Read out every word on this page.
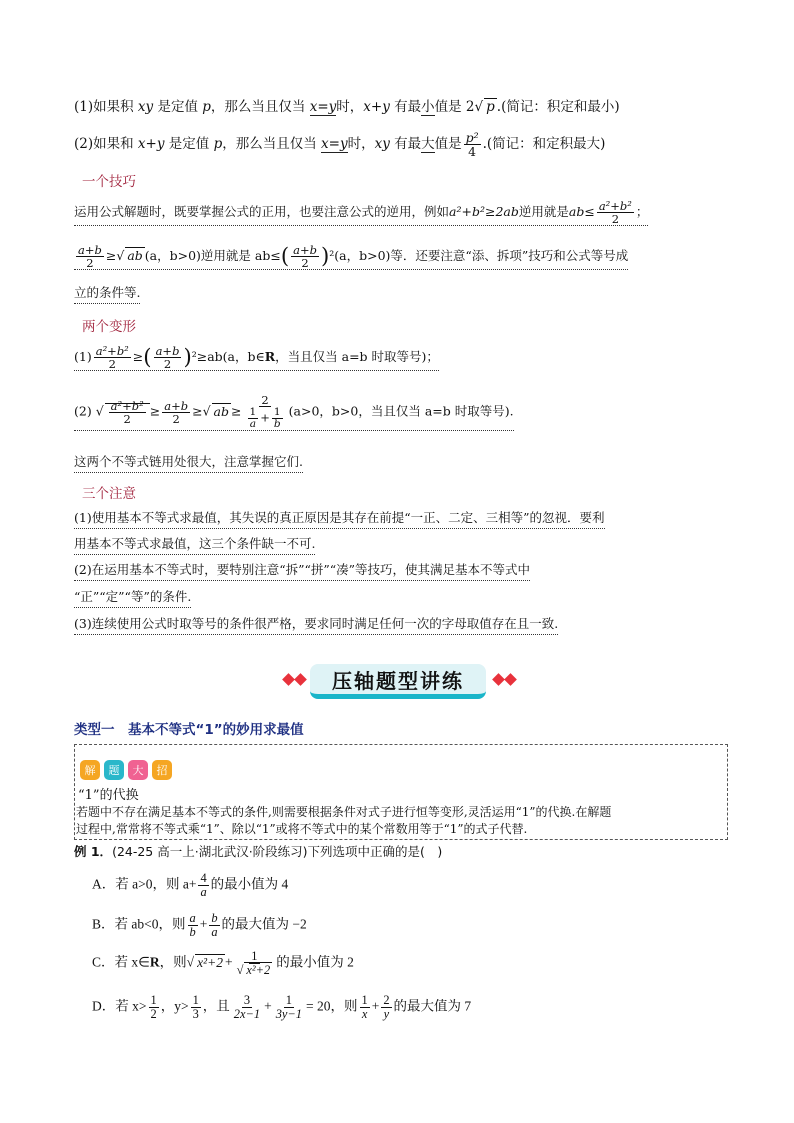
(1)如果积 xy 是定值 p，那么当且仅当 x=y时，x+y 有最小值是 2√ p .(简记：积定和最小)
(2)如果和 x+y 是定值 p，那么当且仅当 x=y时，xy 有最大值是 $\frac{\text{p²}}{4}$ .(简记：和定积最大)
一个技巧
运用公式解题时，既要掌握公式的正用，也要注意公式的逆用，例如a²+b²≥2ab逆用就是$ab\le \frac{\text{a²+b²}}{2}$ ；
$\frac{a+b}{2}$ ≥√ ab (a，b>0)逆用就是 $ab\le( \frac{a+b}{2} )^2(a$，b>0)等．还要注意“添、拆项”技巧和公式等号成
立的条件等.
两个变形
$(1) \frac{\text{a²+b²}}{2}$ ≥( $\frac{a+b}{2} )^2\ge ab(a$，b∈R，当且仅当 a=b 时取等号)；
(2) √ $\frac{\text{a²+b²}}{2} \ge \frac{a+b}{2}$ ≥√ ab ≥ $\frac{2}{\frac{1}{a} + \frac{1}{b}} (a>0$，b>0，当且仅当 a=b 时取等号).
这两个不等式链用处很大，注意掌握它们.
三个注意
(1)使用基本不等式求最值，其失误的真正原因是其存在前提“一正、二定、三相等”的忽视．要利
用基本不等式求最值，这三个条件缺一不可.
(2)在运用基本不等式时，要特别注意“拆”“拼”“凑”等技巧，使其满足基本不等式中
“正”“定”“等”的条件.
(3)连续使用公式时取等号的条件很严格，要求同时满足任何一次的字母取值存在且一致.
压轴题型讲练
类型一　基本不等式“1”的妙用求最值
解	题	大	招
“1”的代换
若题中不存在满足基本不等式的条件,则需要根据条件对式子进行恒等变形,灵活运用“1”的代换.在解题
过程中,常常将不等式乘“1”、除以“1”或将不等式中的某个常数用等于“1”的式子代替.
例 1．(24-25 高一上·湖北武汉·阶段练习)下列选项中正确的是(　)
A．若 a>0，则 $a+ \frac{4}{a}$ 的最小值为 4
B．若 ab<0，则 $\frac{a}{b} + \frac{b}{a}$ 的最大值为 −2
C．若 x∈R，则√ $x^2+2 + \frac{1}{\text{√ x²+2}}$ 的最小值为 2
D．若 $x> \frac{1}{2}$ ，$y> \frac{1}{3}$ ，且 $\frac{3}{2x-1} + \frac{1}{3y-1} = 20$，则 $\frac{1}{x} + \frac{2}{y}$ 的最大值为 7
